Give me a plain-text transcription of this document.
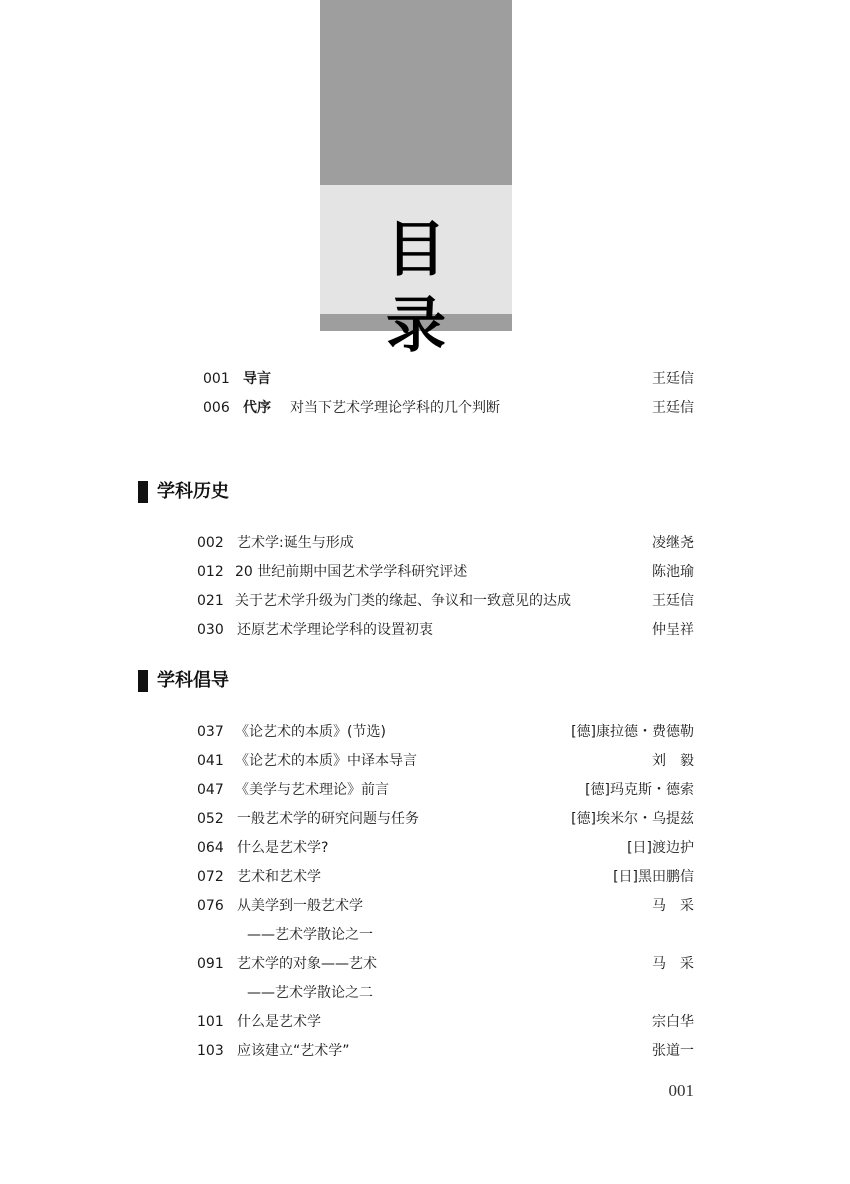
目 录
001 导言	王廷信
006 代序 对当下艺术学理论学科的几个判断	王廷信
学科历史
002 艺术学:诞生与形成	凌继尧
012 20 世纪前期中国艺术学学科研究评述	陈池瑜
021 关于艺术学升级为门类的缘起、争议和一致意见的达成	王廷信
030 还原艺术学理论学科的设置初衷	仲呈祥
学科倡导
037 《论艺术的本质》(节选)	[德]康拉德・费德勒
041 《论艺术的本质》中译本导言	刘　毅
047 《美学与艺术理论》前言	[德]玛克斯・德索
052 一般艺术学的研究问题与任务	[德]埃米尔・乌提兹
064 什么是艺术学?	[日]渡边护
072 艺术和艺术学	[日]黑田鹏信
076 从美学到一般艺术学	马　采
——艺术学散论之一
091 艺术学的对象——艺术	马　采
——艺术学散论之二
101 什么是艺术学	宗白华
103 应该建立“艺术学”	张道一
001
